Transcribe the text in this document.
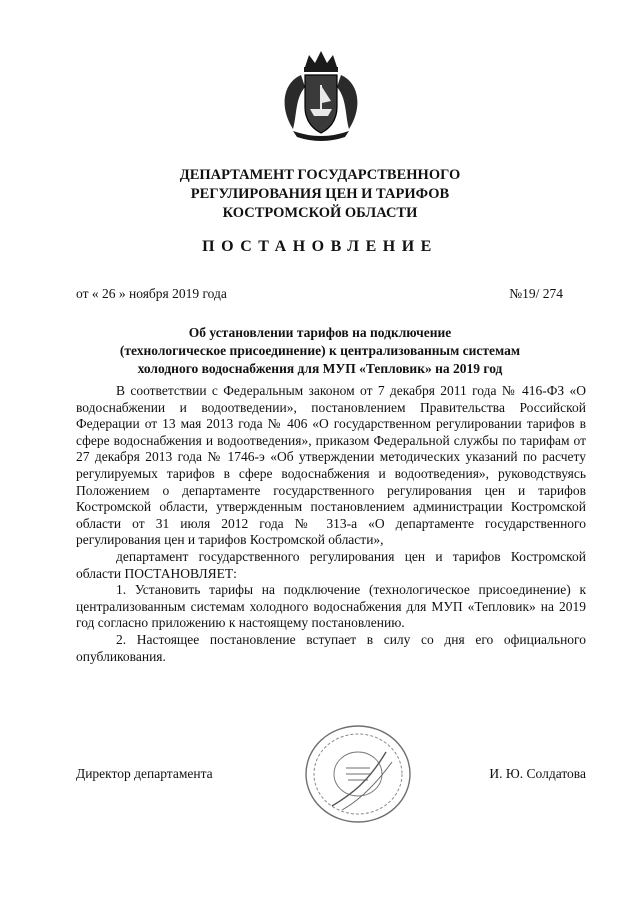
ДЕПАРТАМЕНТ ГОСУДАРСТВЕННОГО
РЕГУЛИРОВАНИЯ ЦЕН И ТАРИФОВ
КОСТРОМСКОЙ ОБЛАСТИ
ПОСТАНОВЛЕНИЕ
от « 26 » ноября 2019 года	№19/ 274
Об установлении тарифов на подключение
(технологическое присоединение) к централизованным системам
холодного водоснабжения для МУП «Тепловик» на 2019 год

В соответствии с Федеральным законом от 7 декабря 2011 года № 416-ФЗ «О водоснабжении и водоотведении», постановлением Правительства Российской Федерации от 13 мая 2013 года № 406 «О государственном регулировании тарифов в сфере водоснабжения и водоотведения», приказом Федеральной службы по тарифам от 27 декабря 2013 года № 1746-э «Об утверждении методических указаний по расчету регулируемых тарифов в сфере водоснабжения и водоотведения», руководствуясь Положением о департаменте государственного регулирования цен и тарифов Костромской области, утвержденным постановлением администрации Костромской области от 31 июля 2012 года № 313-а «О департаменте государственного регулирования цен и тарифов Костромской области»,

департамент государственного регулирования цен и тарифов Костромской области ПОСТАНОВЛЯЕТ:

1. Установить тарифы на подключение (технологическое присоединение) к централизованным системам холодного водоснабжения для МУП «Тепловик» на 2019 год согласно приложению к настоящему постановлению.

2. Настоящее постановление вступает в силу со дня его официального опубликования.

Директор департамента	И. Ю. Солдатова
